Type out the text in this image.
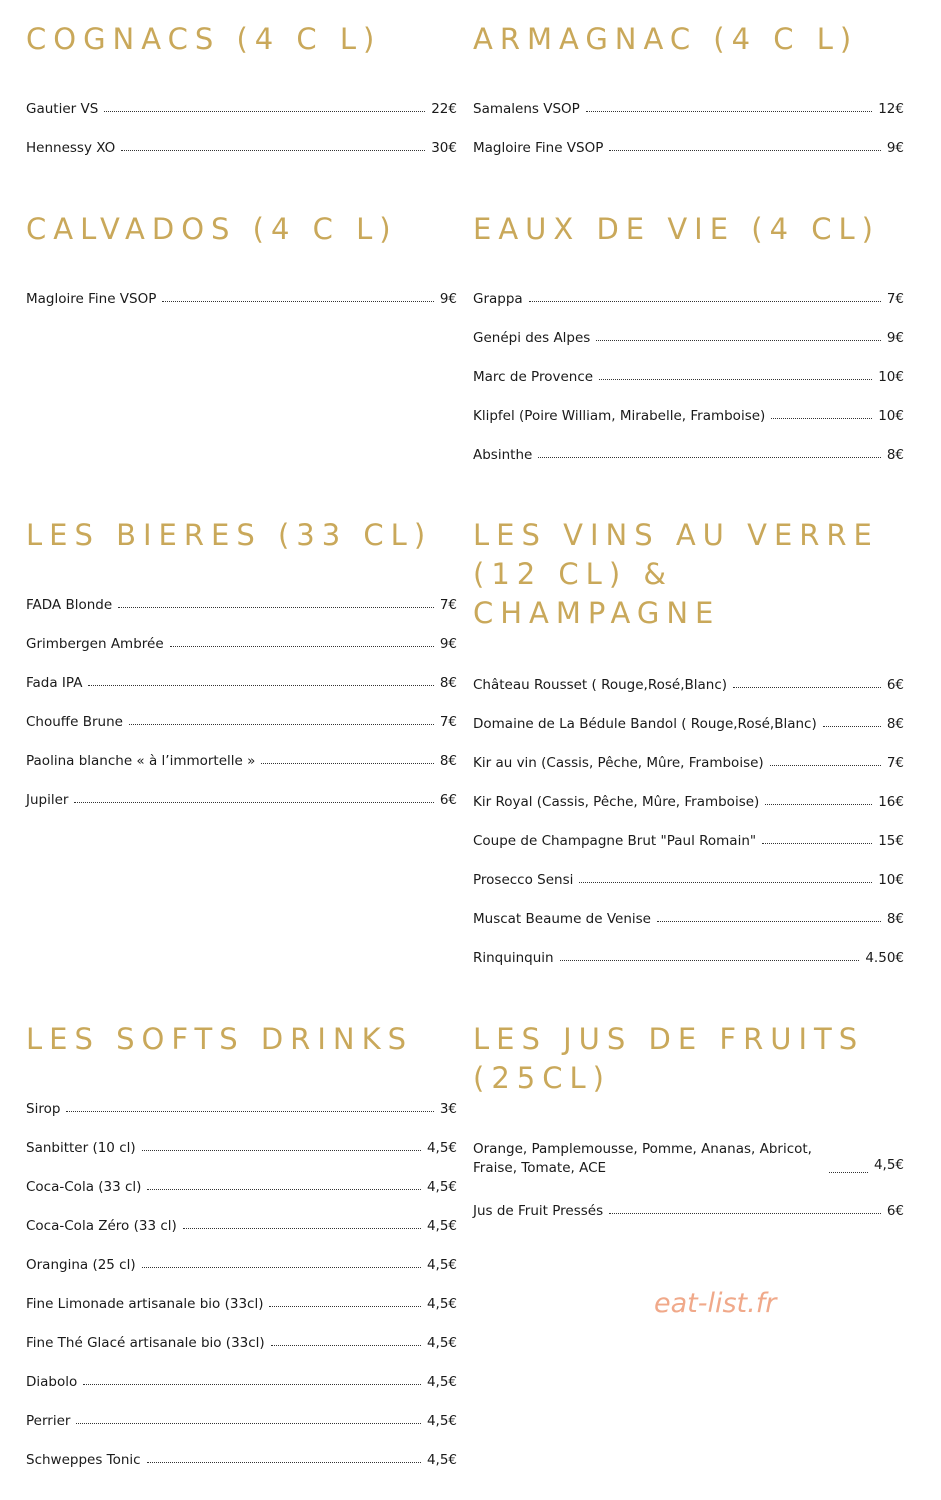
COGNACS (4 C L)
Gautier VS	22€
Hennessy XO	30€
ARMAGNAC (4 C L)
Samalens VSOP	12€
Magloire Fine VSOP	9€
CALVADOS (4 C L)
Magloire Fine VSOP	9€
EAUX DE VIE (4 CL)
Grappa	7€
Genépi des Alpes	9€
Marc de Provence	10€
Klipfel (Poire William, Mirabelle, Framboise)	10€
Absinthe	8€
LES BIERES (33 CL)
FADA Blonde	7€
Grimbergen Ambrée	9€
Fada IPA	8€
Chouffe Brune	7€
Paolina blanche « à l’immortelle »	8€
Jupiler	6€
LES VINS AU VERRE
(12 CL) &
CHAMPAGNE
Château Rousset ( Rouge,Rosé,Blanc)	6€
Domaine de La Bédule Bandol ( Rouge,Rosé,Blanc)	8€
Kir au vin (Cassis, Pêche, Mûre, Framboise)	7€
Kir Royal (Cassis, Pêche, Mûre, Framboise)	16€
Coupe de Champagne Brut "Paul Romain"	15€
Prosecco Sensi	10€
Muscat Beaume de Venise	8€
Rinquinquin	4.50€
LES SOFTS DRINKS
Sirop	3€
Sanbitter (10 cl)	4,5€
Coca-Cola (33 cl)	4,5€
Coca-Cola Zéro (33 cl)	4,5€
Orangina (25 cl)	4,5€
Fine Limonade artisanale bio (33cl)	4,5€
Fine Thé Glacé artisanale bio (33cl)	4,5€
Diabolo	4,5€
Perrier	4,5€
Schweppes Tonic	4,5€
LES JUS DE FRUITS
(25CL)
Orange, Pamplemousse, Pomme, Ananas, Abricot, Fraise, Tomate, ACE	4,5€
Jus de Fruit Pressés	6€
eat-list.fr
